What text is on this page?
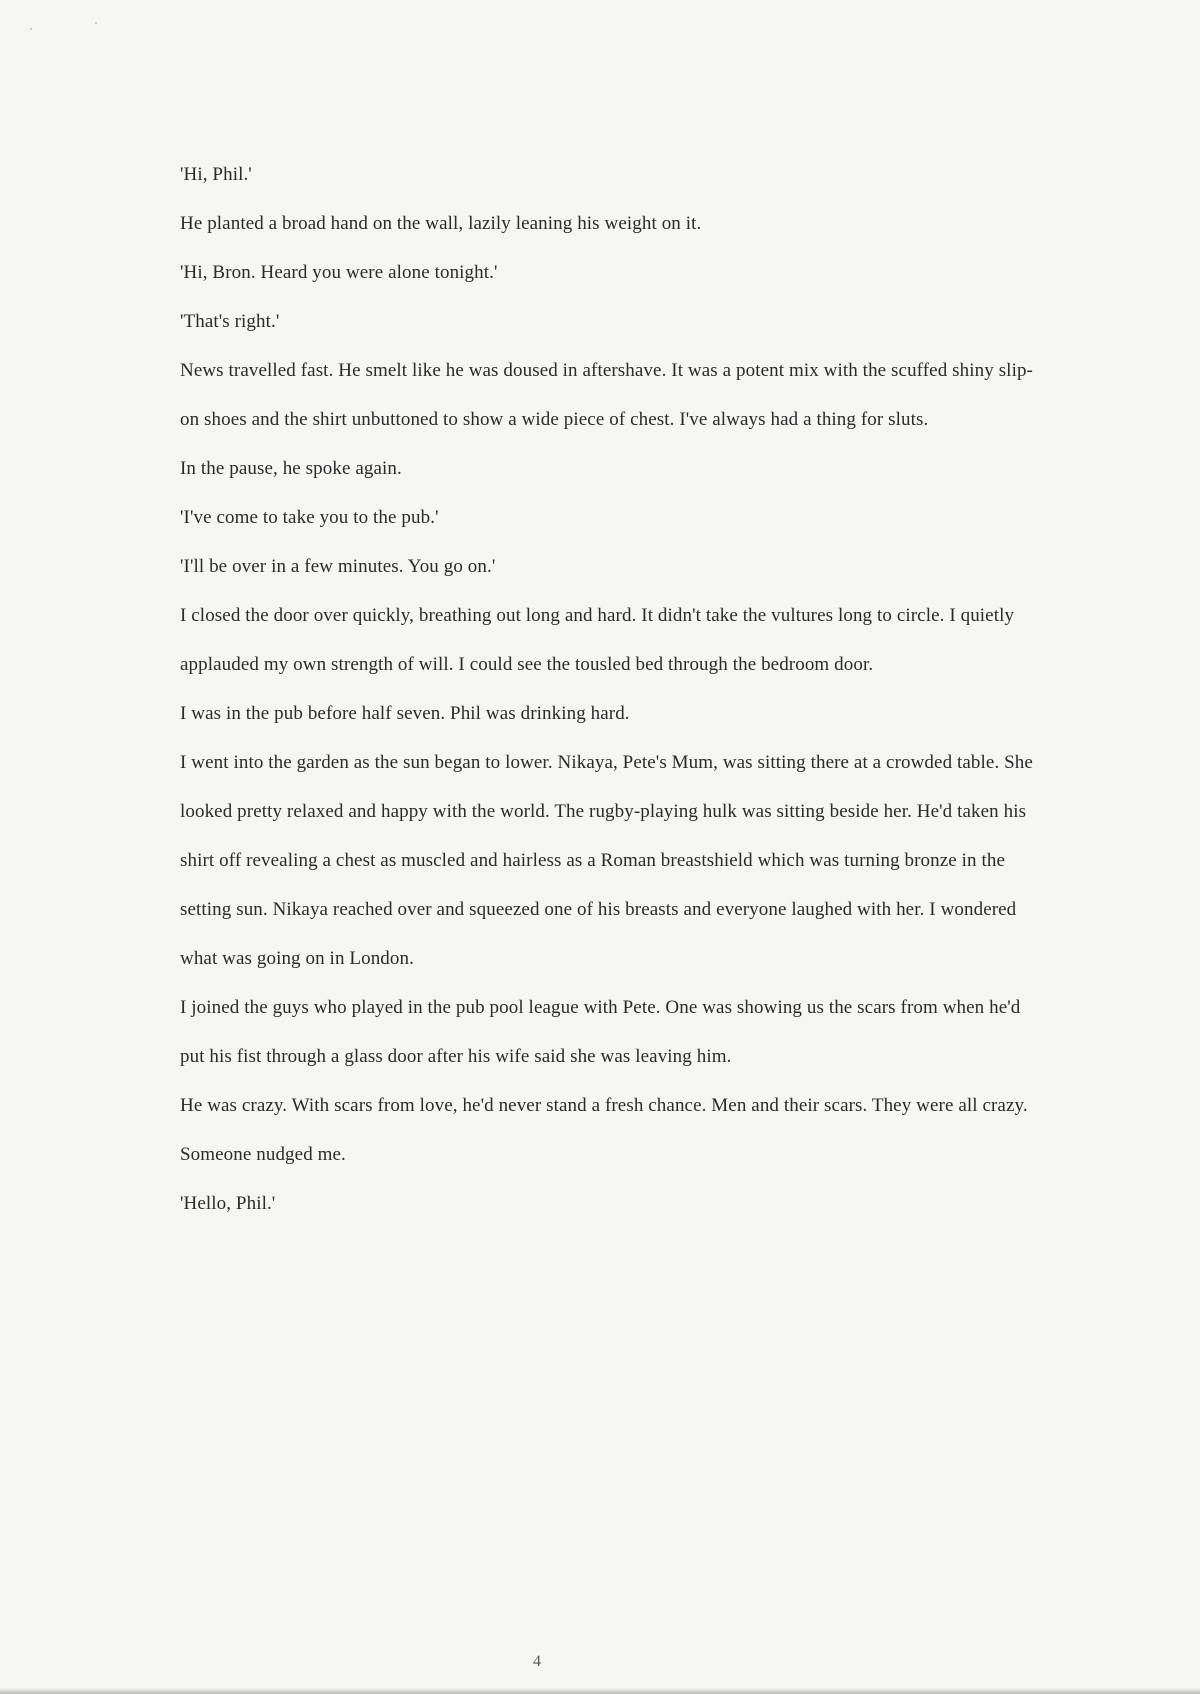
'Hi, Phil.'

He planted a broad hand on the wall, lazily leaning his weight on it.

'Hi, Bron. Heard you were alone tonight.'

'That's right.'

News travelled fast. He smelt like he was doused in aftershave. It was a potent mix with the scuffed shiny slip-on shoes and the shirt unbuttoned to show a wide piece of chest. I've always had a thing for sluts.

In the pause, he spoke again.

'I've come to take you to the pub.'

'I'll be over in a few minutes. You go on.'

I closed the door over quickly, breathing out long and hard. It didn't take the vultures long to circle. I quietly applauded my own strength of will. I could see the tousled bed through the bedroom door.

I was in the pub before half seven. Phil was drinking hard.

I went into the garden as the sun began to lower. Nikaya, Pete's Mum, was sitting there at a crowded table. She looked pretty relaxed and happy with the world. The rugby-playing hulk was sitting beside her. He'd taken his shirt off revealing a chest as muscled and hairless as a Roman breastshield which was turning bronze in the setting sun. Nikaya reached over and squeezed one of his breasts and everyone laughed with her. I wondered what was going on in London.

I joined the guys who played in the pub pool league with Pete. One was showing us the scars from when he'd put his fist through a glass door after his wife said she was leaving him.

He was crazy. With scars from love, he'd never stand a fresh chance. Men and their scars. They were all crazy.

Someone nudged me.

'Hello, Phil.'

4
